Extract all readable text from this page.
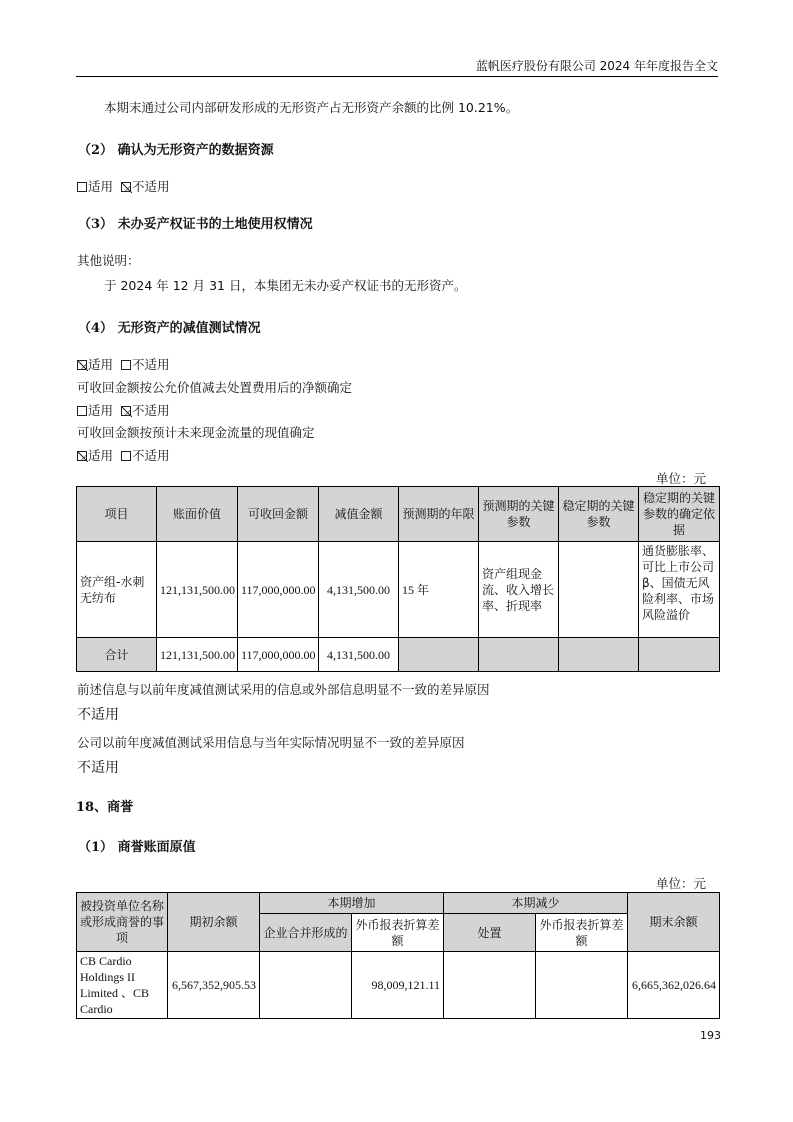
蓝帆医疗股份有限公司 2024 年年度报告全文
本期末通过公司内部研发形成的无形资产占无形资产余额的比例 10.21%。
（2） 确认为无形资产的数据资源
适用 不适用
（3） 未办妥产权证书的土地使用权情况
其他说明：
于 2024 年 12 月 31 日，本集团无未办妥产权证书的无形资产。
（4） 无形资产的减值测试情况
适用 不适用
可收回金额按公允价值减去处置费用后的净额确定
适用 不适用
可收回金额按预计未来现金流量的现值确定
适用 不适用
单位：元
项目	账面价值	可收回金额	减值金额	预测期的年限	预测期的关键参数	稳定期的关键参数	稳定期的关键参数的确定依据
资产组-水刺无纺布	121,131,500.00	117,000,000.00	4,131,500.00	15 年	资产组现金流、收入增长率、折现率		通货膨胀率、可比上市公司β、国债无风险利率、市场风险溢价
合计	121,131,500.00	117,000,000.00	4,131,500.00				
前述信息与以前年度减值测试采用的信息或外部信息明显不一致的差异原因
不适用
公司以前年度减值测试采用信息与当年实际情况明显不一致的差异原因
不适用
18、商誉
（1） 商誉账面原值
单位：元
被投资单位名称或形成商誉的事项	期初余额	本期增加		本期减少		期末余额
		企业合并形成的	外币报表折算差额	处置	外币报表折算差额	
CB Cardio Holdings II Limited 、CB Cardio	6,567,352,905.53		98,009,121.11			6,665,362,026.64
193
